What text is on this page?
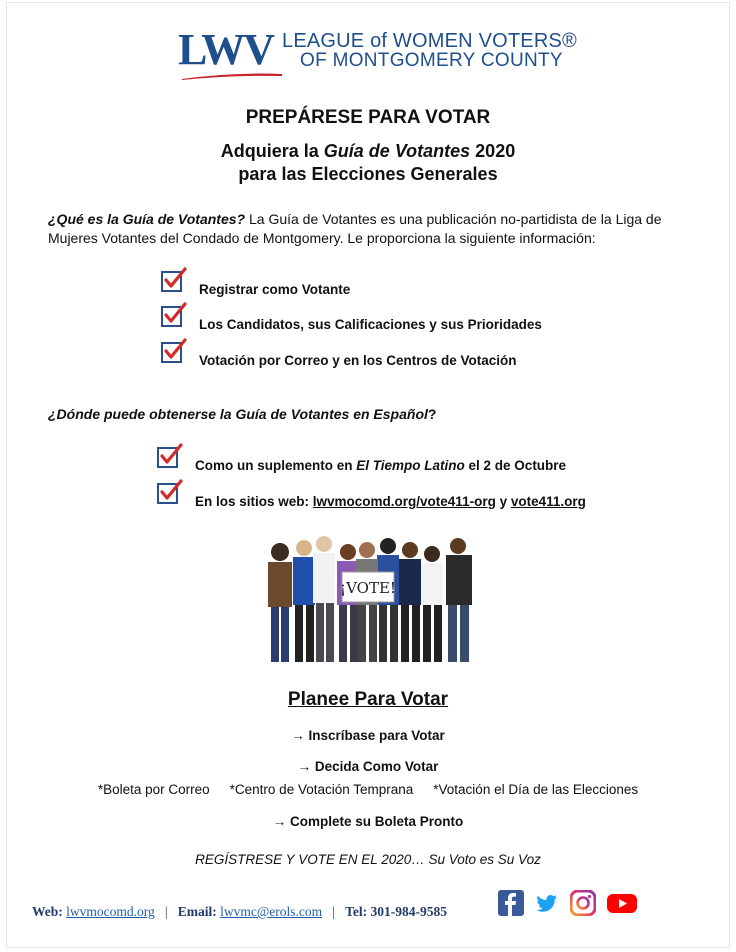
LWV LEAGUE of WOMEN VOTERS®
OF MONTGOMERY COUNTY
PREPÁRESE PARA VOTAR
Adquiera la Guía de Votantes 2020
para las Elecciones Generales
¿Qué es la Guía de Votantes? La Guía de Votantes es una publicación no-partidista de la Liga de Mujeres Votantes del Condado de Montgomery. Le proporciona la siguiente información:
Registrar como Votante
Los Candidatos, sus Calificaciones y sus Prioridades
Votación por Correo y en los Centros de Votación
¿Dónde puede obtenerse la Guía de Votantes en Español?
Como un suplemento en El Tiempo Latino el 2 de Octubre
En los sitios web: lwvmocomd.org/vote411-org y vote411.org
¡VOTE!
Planee Para Votar
→ Inscríbase para Votar
→ Decida Como Votar
*Boleta por Correo *Centro de Votación Temprana *Votación el Día de las Elecciones
→ Complete su Boleta Pronto
REGÍSTRESE Y VOTE EN EL 2020… Su Voto es Su Voz
Web: lwvmocomd.org | Email: lwvmc@erols.com | Tel: 301-984-9585
